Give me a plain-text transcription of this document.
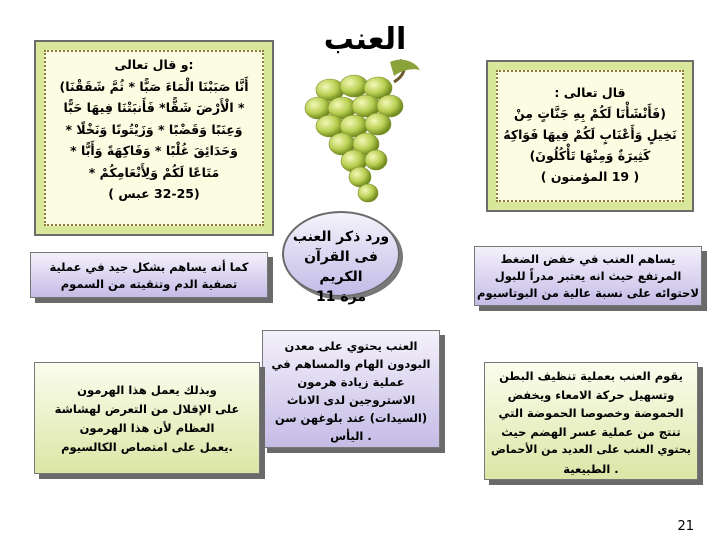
العنب
:و قال تعالى
أَنَّا صَبَبْنَا الْمَاءَ صَبًّا * ثُمَّ شَقَقْنَا)
* الْأَرْضَ شَقًّا* فَأَنبَتْنَا فِيهَا حَبًّا
وَعِنَبًا وَقَضْبًا * وَزَيْتُونًا وَنَخْلًا *
وَحَدَائِقَ غُلْبًا * وَفَاكِهَةً وَأَبًّا *
مَتَاعًا لَكُمْ وَلِأَنْعَامِكُمْ *
(32-25 عبس )
قال تعالى :
(فَأَنْشَأْنَا لَكُمْ بِهِ جَنَّاتٍ مِنْ
نَخِيلٍ وَأَعْنَابٍ لَكُمْ فِيهَا فَوَاكِهُ
كَثِيرَةٌ وَمِنْهَا تَأْكُلُونَ)
( 19 المؤمنون )
ورد ذكر العنب
فى القرآن الكريم
مرة 11
كما أنه يساهم بشكل جيد في عملية
تصفية الدم وتنقيته من السموم
يساهم العنب في خفض الضغط
المرتفع حيث انه يعتبر مدراً للبول
لاحتوائه على نسبة عالية من البوتاسيوم
العنب يحتوي على معدن
البودون الهام والمساهم في
عملية زيادة هرمون
الاستروجين لدى الاناث
(السيدات) عند بلوغهن سن
. اليأس
وبذلك يعمل هذا الهرمون
على الإقلال من التعرض لهشاشة
العظام لأن هذا الهرمون
.يعمل على امتصاص الكالسيوم
يقوم العنب بعملية تنظيف البطن
وتسهيل حركة الامعاء ويخفض
الحموضة وخصوصا الحموضة التي
تنتج من عملية عسر الهضم حيث
يحتوي العنب على العديد من الأحماض
. الطبيعية
21
